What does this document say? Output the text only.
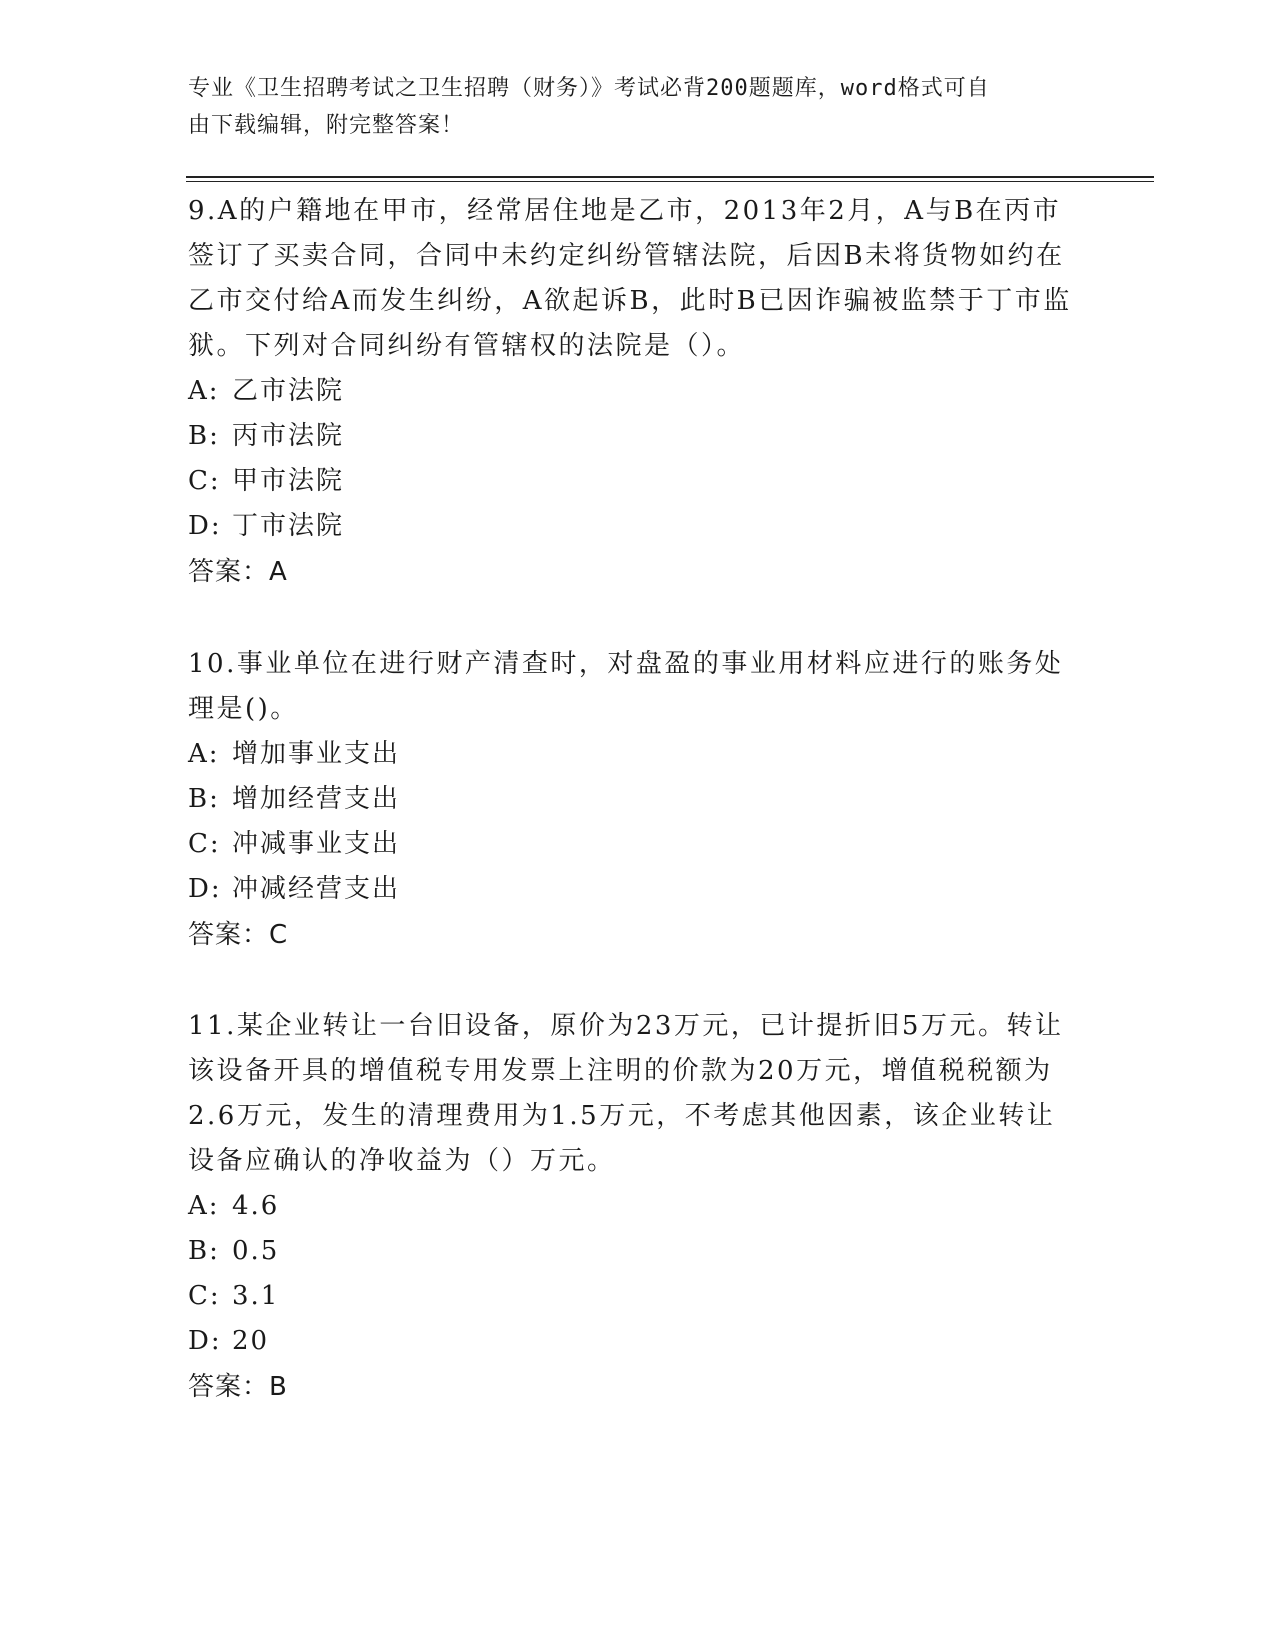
专业《卫生招聘考试之卫生招聘（财务）》考试必背200题题库，word格式可自
由下载编辑，附完整答案！

9.A的户籍地在甲市，经常居住地是乙市，2013年2月，A与B在丙市签订了买卖合同，合同中未约定纠纷管辖法院，后因B未将货物如约在乙市交付给A而发生纠纷，A欲起诉B，此时B已因诈骗被监禁于丁市监狱。下列对合同纠纷有管辖权的法院是（）。

A: 乙市法院

B: 丙市法院

C: 甲市法院

D: 丁市法院

答案：A

10.事业单位在进行财产清查时，对盘盈的事业用材料应进行的账务处理是()。

A: 增加事业支出

B: 增加经营支出

C: 冲减事业支出

D: 冲减经营支出

答案：C

11.某企业转让一台旧设备，原价为23万元，已计提折旧5万元。转让该设备开具的增值税专用发票上注明的价款为20万元，增值税税额为2.6万元，发生的清理费用为1.5万元，不考虑其他因素，该企业转让设备应确认的净收益为（）万元。

A: 4.6

B: 0.5

C: 3.1

D: 20

答案：B
